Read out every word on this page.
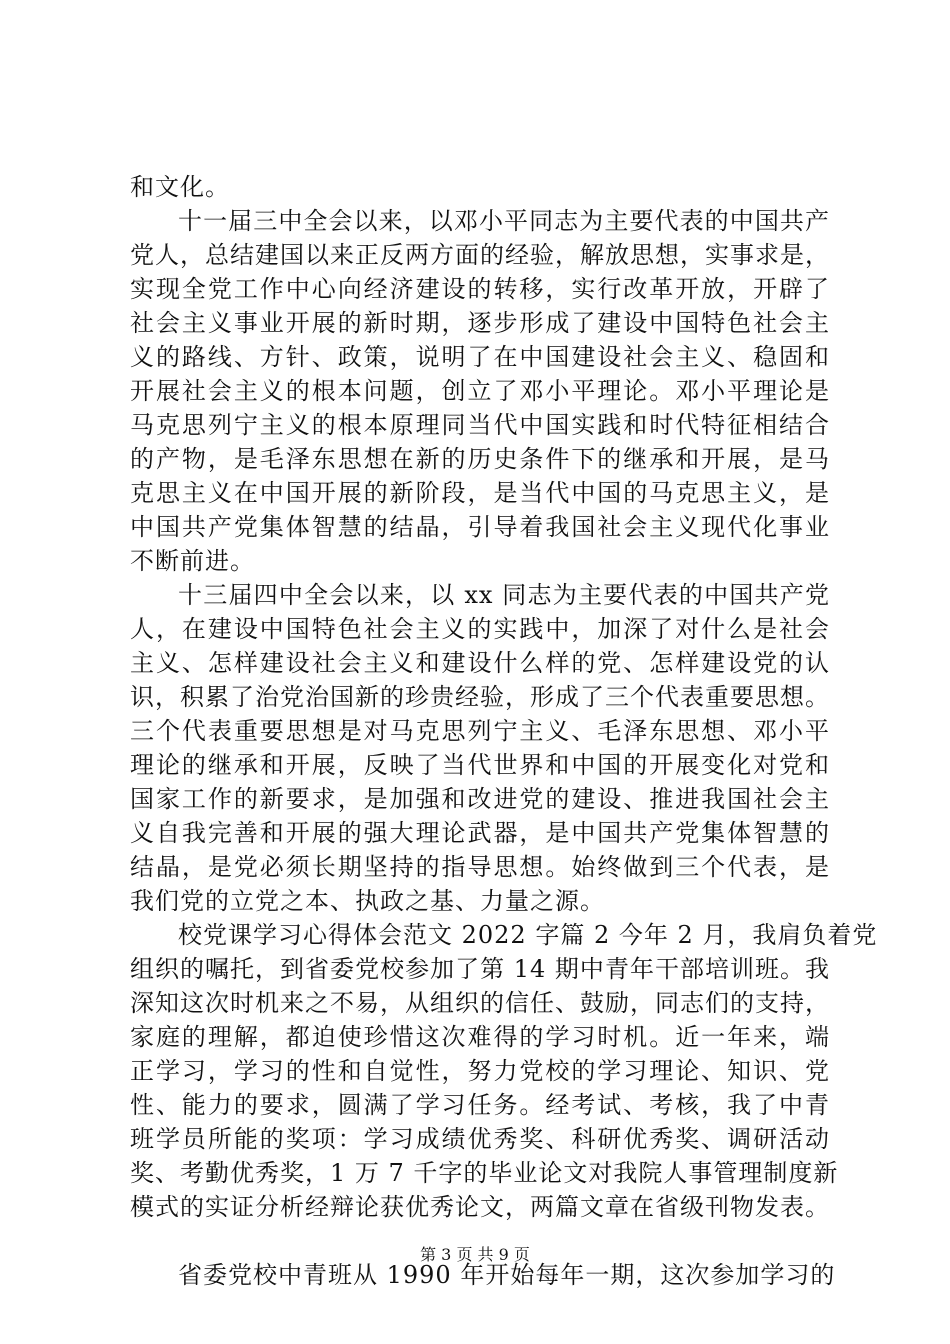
和文化。
十一届三中全会以来，以邓小平同志为主要代表的中国共产
党人，总结建国以来正反两方面的经验，解放思想，实事求是，
实现全党工作中心向经济建设的转移，实行改革开放，开辟了
社会主义事业开展的新时期，逐步形成了建设中国特色社会主
义的路线、方针、政策，说明了在中国建设社会主义、稳固和
开展社会主义的根本问题，创立了邓小平理论。邓小平理论是
马克思列宁主义的根本原理同当代中国实践和时代特征相结合
的产物，是毛泽东思想在新的历史条件下的继承和开展，是马
克思主义在中国开展的新阶段，是当代中国的马克思主义，是
中国共产党集体智慧的结晶，引导着我国社会主义现代化事业
不断前进。
十三届四中全会以来，以 xx 同志为主要代表的中国共产党
人，在建设中国特色社会主义的实践中，加深了对什么是社会
主义、怎样建设社会主义和建设什么样的党、怎样建设党的认
识，积累了治党治国新的珍贵经验，形成了三个代表重要思想。
三个代表重要思想是对马克思列宁主义、毛泽东思想、邓小平
理论的继承和开展，反映了当代世界和中国的开展变化对党和
国家工作的新要求，是加强和改进党的建设、推进我国社会主
义自我完善和开展的强大理论武器，是中国共产党集体智慧的
结晶，是党必须长期坚持的指导思想。始终做到三个代表，是
我们党的立党之本、执政之基、力量之源。
校党课学习心得体会范文 2022 字篇 2 今年 2 月，我肩负着党
组织的嘱托，到省委党校参加了第 14 期中青年干部培训班。我
深知这次时机来之不易，从组织的信任、鼓励，同志们的支持，
家庭的理解，都迫使珍惜这次难得的学习时机。近一年来，端
正学习，学习的性和自觉性，努力党校的学习理论、知识、党
性、能力的要求，圆满了学习任务。经考试、考核，我了中青
班学员所能的奖项：学习成绩优秀奖、科研优秀奖、调研活动
奖、考勤优秀奖，1 万 7 千字的毕业论文对我院人事管理制度新
模式的实证分析经辩论获优秀论文，两篇文章在省级刊物发表。
省委党校中青班从 1990 年开始每年一期，这次参加学习的
第 3 页 共 9 页
